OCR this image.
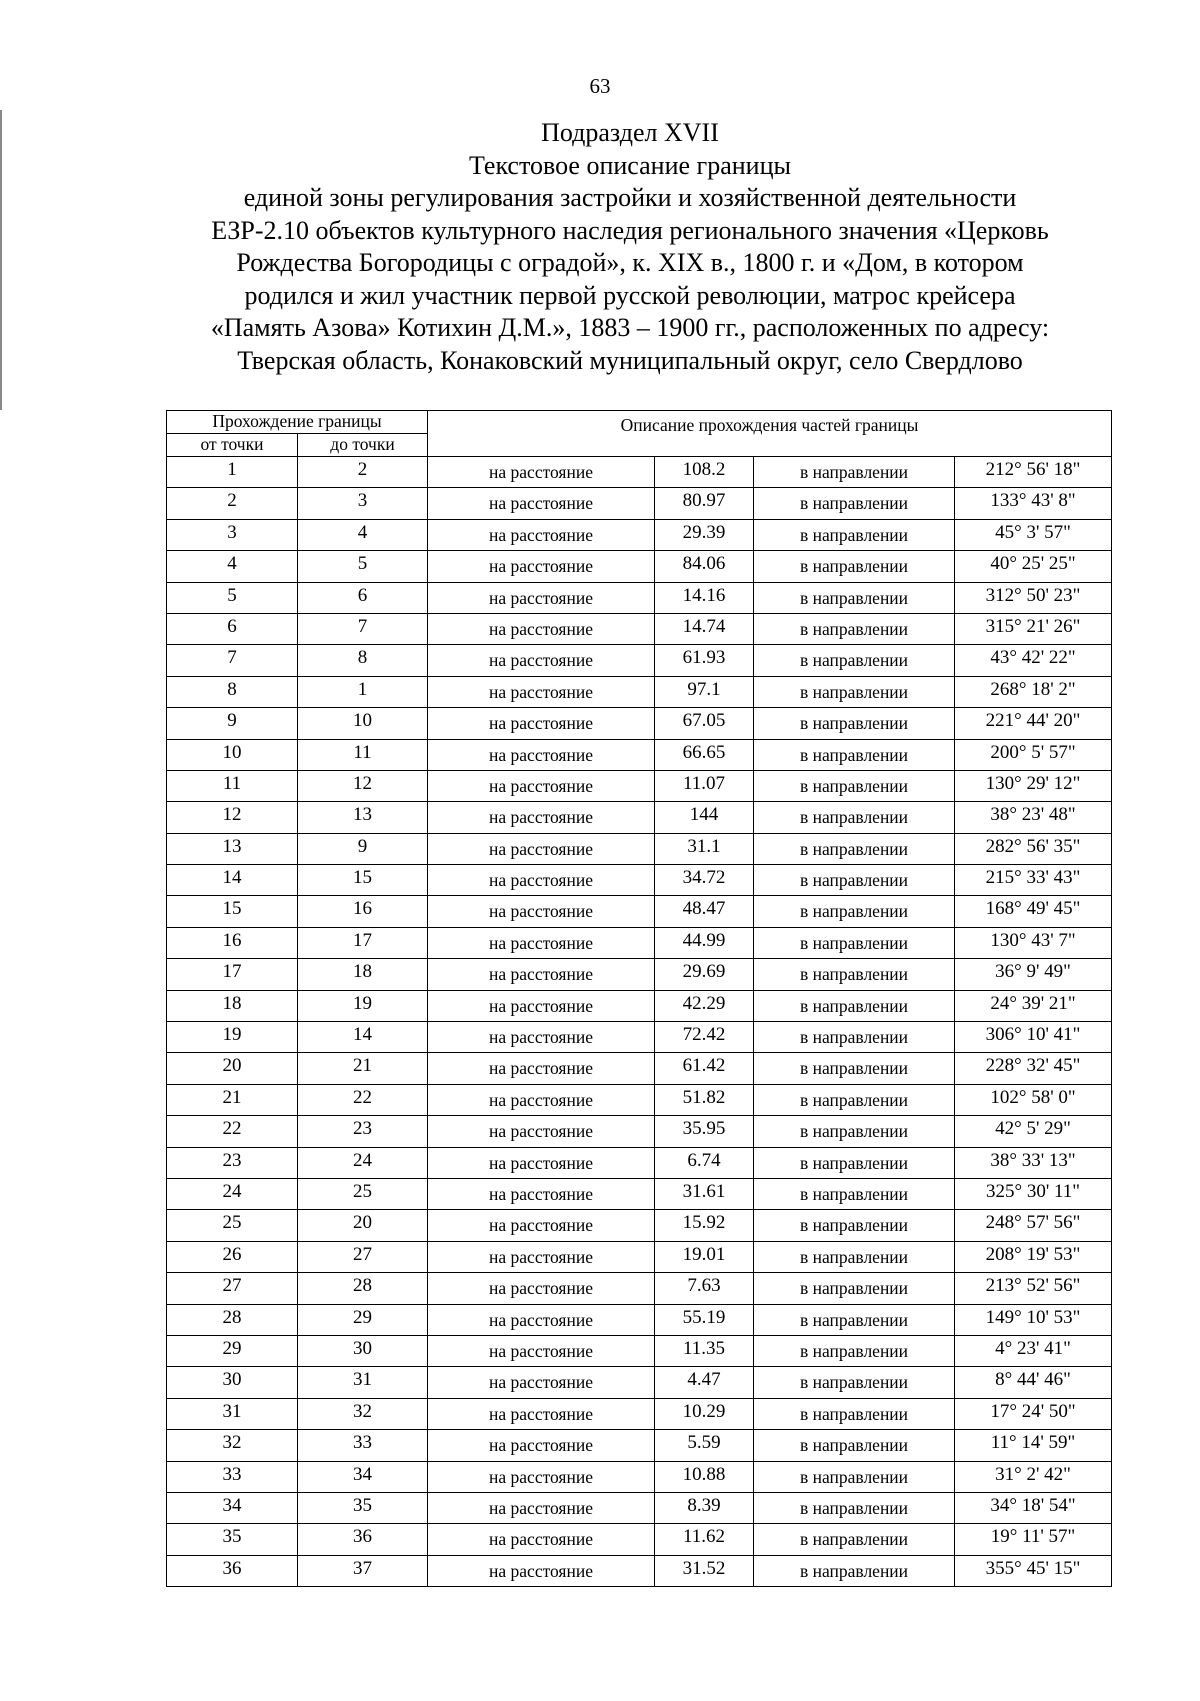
63
Подраздел XVII
Текстовое описание границы
единой зоны регулирования застройки и хозяйственной деятельности
ЕЗР-2.10 объектов культурного наследия регионального значения «Церковь
Рождества Богородицы с оградой», к. XIX в., 1800 г. и «Дом, в котором
родился и жил участник первой русской революции, матрос крейсера
«Память Азова» Котихин Д.М.», 1883 – 1900 гг., расположенных по адресу:
Тверская область, Конаковский муниципальный округ, село Свердлово
Прохождение границы		Описание прохождения частей границы			
от точки	до точки				
1	2	на расстояние	108.2	в направлении	212° 56' 18"
2	3	на расстояние	80.97	в направлении	133° 43' 8"
3	4	на расстояние	29.39	в направлении	45° 3' 57"
4	5	на расстояние	84.06	в направлении	40° 25' 25"
5	6	на расстояние	14.16	в направлении	312° 50' 23"
6	7	на расстояние	14.74	в направлении	315° 21' 26"
7	8	на расстояние	61.93	в направлении	43° 42' 22"
8	1	на расстояние	97.1	в направлении	268° 18' 2"
9	10	на расстояние	67.05	в направлении	221° 44' 20"
10	11	на расстояние	66.65	в направлении	200° 5' 57"
11	12	на расстояние	11.07	в направлении	130° 29' 12"
12	13	на расстояние	144	в направлении	38° 23' 48"
13	9	на расстояние	31.1	в направлении	282° 56' 35"
14	15	на расстояние	34.72	в направлении	215° 33' 43"
15	16	на расстояние	48.47	в направлении	168° 49' 45"
16	17	на расстояние	44.99	в направлении	130° 43' 7"
17	18	на расстояние	29.69	в направлении	36° 9' 49"
18	19	на расстояние	42.29	в направлении	24° 39' 21"
19	14	на расстояние	72.42	в направлении	306° 10' 41"
20	21	на расстояние	61.42	в направлении	228° 32' 45"
21	22	на расстояние	51.82	в направлении	102° 58' 0"
22	23	на расстояние	35.95	в направлении	42° 5' 29"
23	24	на расстояние	6.74	в направлении	38° 33' 13"
24	25	на расстояние	31.61	в направлении	325° 30' 11"
25	20	на расстояние	15.92	в направлении	248° 57' 56"
26	27	на расстояние	19.01	в направлении	208° 19' 53"
27	28	на расстояние	7.63	в направлении	213° 52' 56"
28	29	на расстояние	55.19	в направлении	149° 10' 53"
29	30	на расстояние	11.35	в направлении	4° 23' 41"
30	31	на расстояние	4.47	в направлении	8° 44' 46"
31	32	на расстояние	10.29	в направлении	17° 24' 50"
32	33	на расстояние	5.59	в направлении	11° 14' 59"
33	34	на расстояние	10.88	в направлении	31° 2' 42"
34	35	на расстояние	8.39	в направлении	34° 18' 54"
35	36	на расстояние	11.62	в направлении	19° 11' 57"
36	37	на расстояние	31.52	в направлении	355° 45' 15"
